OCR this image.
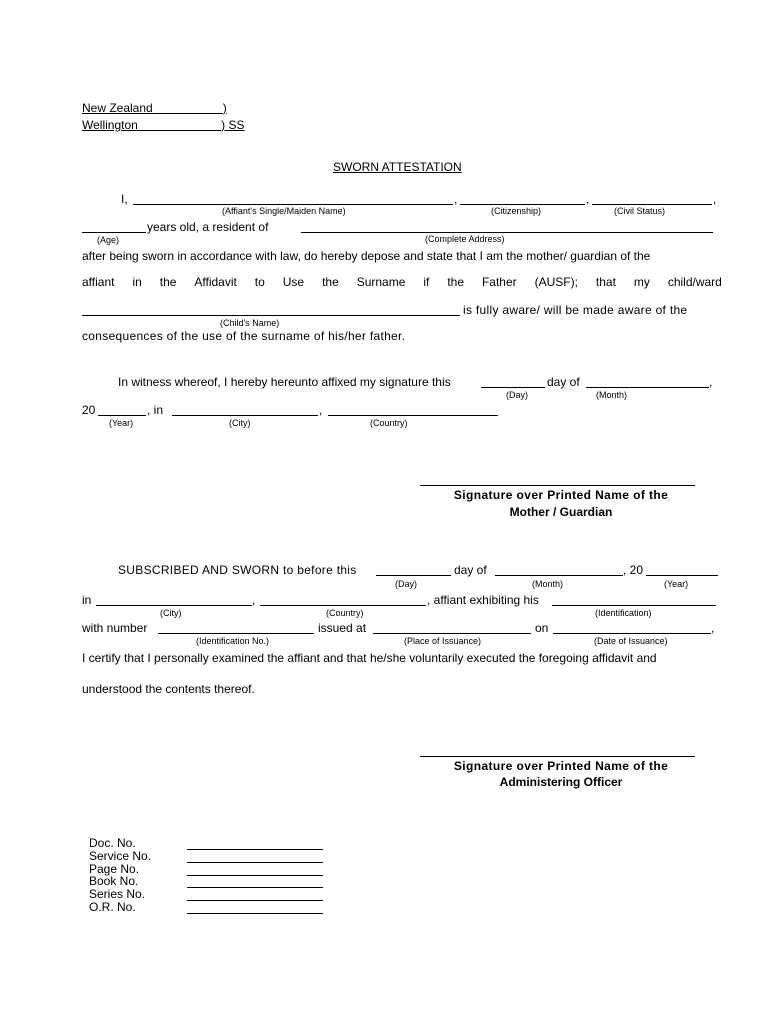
New Zealand	)
Wellington	) SS
SWORN ATTESTATION
I,	,	,	,
(Affiant's Single/Maiden Name)	(Citizenship)	(Civil Status)
years old, a resident of
(Age)	(Complete Address)
after being sworn in accordance with law, do hereby depose and state that I am the mother/ guardian of the
affiant in the Affidavit to Use the Surname if the Father (AUSF); that my child/ward
is fully aware/ will be made aware of the
(Child's Name)
consequences of the use of the surname of his/her father.
In witness whereof, I hereby hereunto affixed my signature this	day of	,
(Day)	(Month)
20	, in	,
(Year)	(City)	(Country)
Signature over Printed Name of the
Mother / Guardian
SUBSCRIBED AND SWORN to before this	day of	, 20
(Day)	(Month)	(Year)
in	,	, affiant exhibiting his
(City)	(Country)	(Identification)
with number	issued at	on	,
(Identification No.)	(Place of Issuance)	(Date of Issuance)
I certify that I personally examined the affiant and that he/she voluntarily executed the foregoing affidavit and
understood the contents thereof.
Signature over Printed Name of the
Administering Officer
Doc. No.
Service No.
Page No.
Book No.
Series No.
O.R. No.
